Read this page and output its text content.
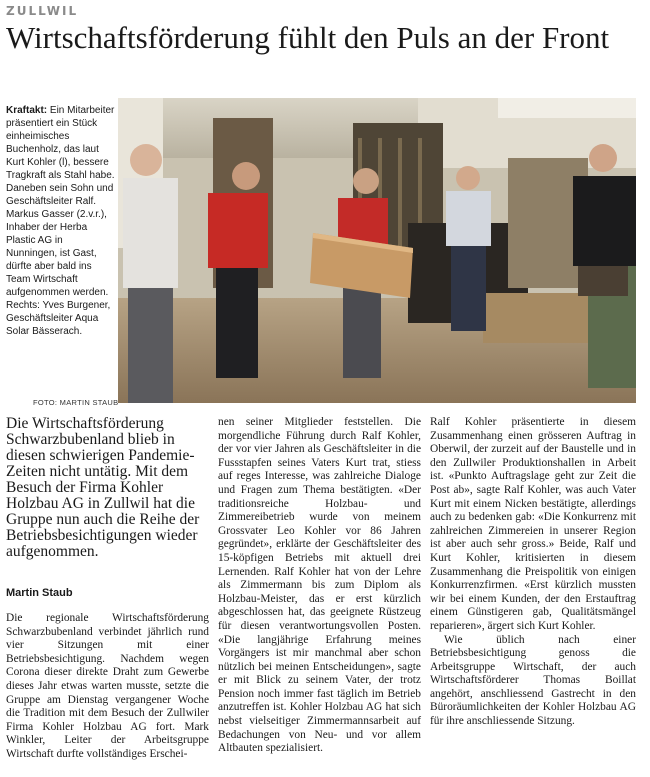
ZULLWIL
Wirtschaftsförderung fühlt den Puls an der Front
Kraftakt: Ein Mitarbeiter präsentiert ein Stück einheimisches Buchenholz, das laut Kurt Kohler (l), bessere Tragkraft als Stahl habe. Daneben sein Sohn und Geschäftsleiter Ralf. Markus Gasser (2.v.r.), Inhaber der Herba Plastic AG in Nunningen, ist Gast, dürfte aber bald ins Team Wirtschaft aufgenommen werden. Rechts: Yves Burgener, Geschäftsleiter Aqua Solar Bässerach.
FOTO: MARTIN STAUB
Die Wirtschaftsförderung Schwarzbubenland blieb in diesen schwierigen Pandemie-Zeiten nicht untätig. Mit dem Besuch der Firma Kohler Holzbau AG in Zullwil hat die Gruppe nun auch die Reihe der Betriebsbesichtigungen wieder aufgenommen.
Martin Staub

Die regionale Wirtschaftsförderung Schwarzbubenland verbindet jährlich rund vier Sitzungen mit einer Betriebsbesichtigung. Nachdem wegen Corona dieser direkte Draht zum Gewerbe dieses Jahr etwas warten musste, setzte die Gruppe am Dienstag vergangener Woche die Tradition mit dem Besuch der Zullwiler Firma Kohler Holzbau AG fort. Mark Winkler, Leiter der Arbeitsgruppe Wirtschaft durfte vollständiges Erschei-

nen seiner Mitglieder feststellen. Die morgendliche Führung durch Ralf Kohler, der vor vier Jahren als Geschäftsleiter in die Fussstapfen seines Vaters Kurt trat, stiess auf reges Interesse, was zahlreiche Dialoge und Fragen zum Thema bestätigten. «Der traditionsreiche Holzbau- und Zimmereibetrieb wurde von meinem Grossvater Leo Kohler vor 86 Jahren gegründet», erklärte der Geschäftsleiter des 15-köpfigen Betriebs mit aktuell drei Lernenden. Ralf Kohler hat von der Lehre als Zimmermann bis zum Diplom als Holzbau-Meister, das er erst kürzlich abgeschlossen hat, das geeignete Rüstzeug für diesen verantwortungsvollen Posten. «Die langjährige Erfahrung meines Vorgängers ist mir manchmal aber schon nützlich bei meinen Entscheidungen», sagte er mit Blick zu seinem Vater, der trotz Pension noch immer fast täglich im Betrieb anzutreffen ist. Kohler Holzbau AG hat sich nebst vielseitiger Zimmermannsarbeit auf Bedachungen von Neu- und vor allem Altbauten spezialisiert.

Ralf Kohler präsentierte in diesem Zusammenhang einen grösseren Auftrag in Oberwil, der zurzeit auf der Baustelle und in den Zullwiler Produktionshallen in Arbeit ist. «Punkto Auftragslage geht zur Zeit die Post ab», sagte Ralf Kohler, was auch Vater Kurt mit einem Nicken bestätigte, allerdings auch zu bedenken gab: «Die Konkurrenz mit zahlreichen Zimmereien in unserer Region ist aber auch sehr gross.» Beide, Ralf und Kurt Kohler, kritisierten in diesem Zusammenhang die Preispolitik von einigen Konkurrenzfirmen. «Erst kürzlich mussten wir bei einem Kunden, der den Erstauftrag einem Günstigeren gab, Qualitätsmängel reparieren», ärgert sich Kurt Kohler.

Wie üblich nach einer Betriebsbesichtigung genoss die Arbeitsgruppe Wirtschaft, der auch Wirtschaftsförderer Thomas Boillat angehört, anschliessend Gastrecht in den Büroräumlichkeiten der Kohler Holzbau AG für ihre anschliessende Sitzung.
